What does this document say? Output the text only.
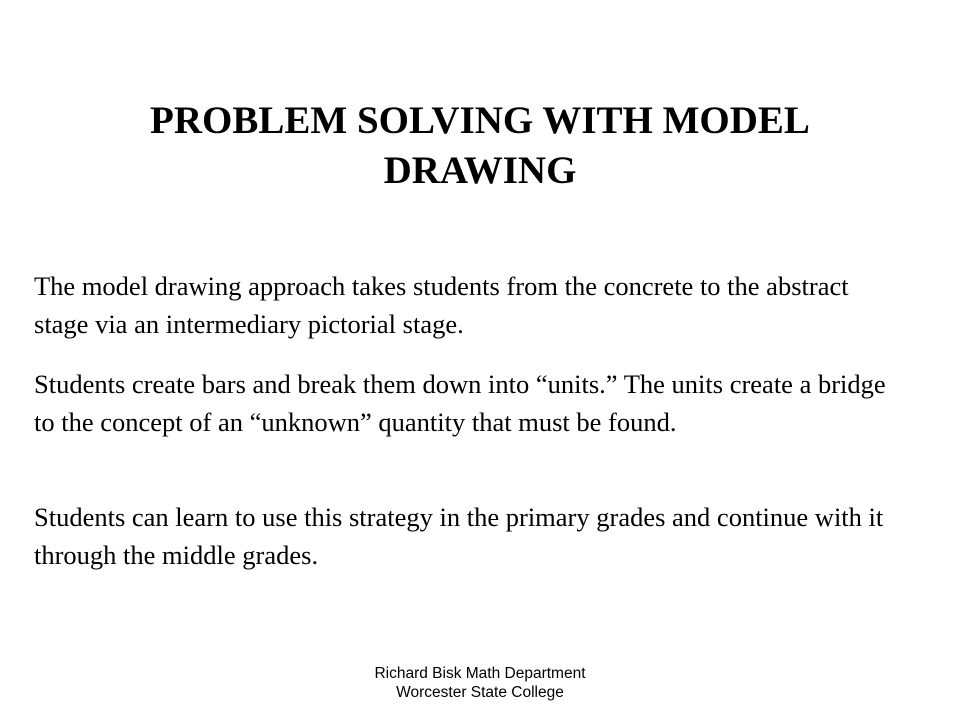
PROBLEM SOLVING WITH MODEL DRAWING

The model drawing approach takes students from the concrete to the abstract stage via an intermediary pictorial stage.

Students create bars and break them down into “units.” The units create a bridge to the concept of an “unknown” quantity that must be found.

Students can learn to use this strategy in the primary grades and continue with it through the middle grades.

Richard Bisk Math Department
Worcester State College
